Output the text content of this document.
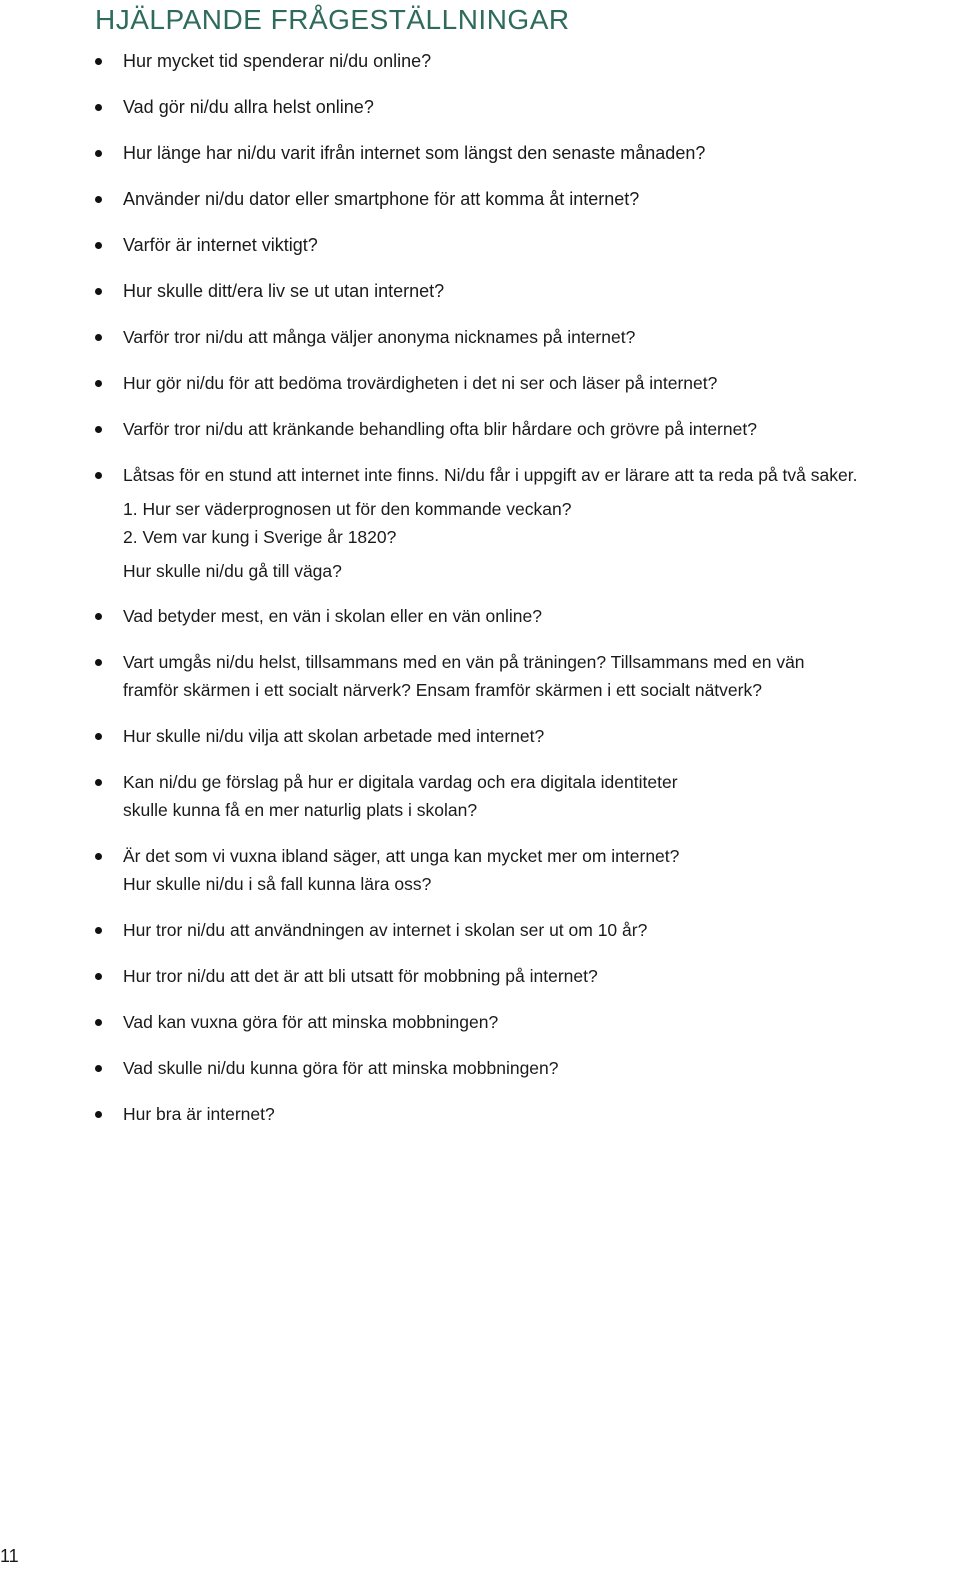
HJÄLPANDE FRÅGESTÄLLNINGAR
Hur mycket tid spenderar ni/du online?
Vad gör ni/du allra helst online?
Hur länge har ni/du varit ifrån internet som längst den senaste månaden?
Använder ni/du dator eller smartphone för att komma åt internet?
Varför är internet viktigt?
Hur skulle ditt/era liv se ut utan internet?
Varför tror ni/du att många väljer anonyma nicknames på internet?
Hur gör ni/du för att bedöma trovärdigheten i det ni ser och läser på internet?
Varför tror ni/du att kränkande behandling ofta blir hårdare och grövre på internet?
Låtsas för en stund att internet inte finns. Ni/du får i uppgift av er lärare att ta reda på två saker.
1. Hur ser väderprognosen ut för den kommande veckan?
2. Vem var kung i Sverige år 1820?
Hur skulle ni/du gå till väga?
Vad betyder mest, en vän i skolan eller en vän online?
Vart umgås ni/du helst, tillsammans med en vän på träningen? Tillsammans med en vän
framför skärmen i ett socialt närverk? Ensam framför skärmen i ett socialt nätverk?
Hur skulle ni/du vilja att skolan arbetade med internet?
Kan ni/du ge förslag på hur er digitala vardag och era digitala identiteter
skulle kunna få en mer naturlig plats i skolan?
Är det som vi vuxna ibland säger, att unga kan mycket mer om internet?
Hur skulle ni/du i så fall kunna lära oss?
Hur tror ni/du att användningen av internet i skolan ser ut om 10 år?
Hur tror ni/du att det är att bli utsatt för mobbning på internet?
Vad kan vuxna göra för att minska mobbningen?
Vad skulle ni/du kunna göra för att minska mobbningen?
Hur bra är internet?
11
